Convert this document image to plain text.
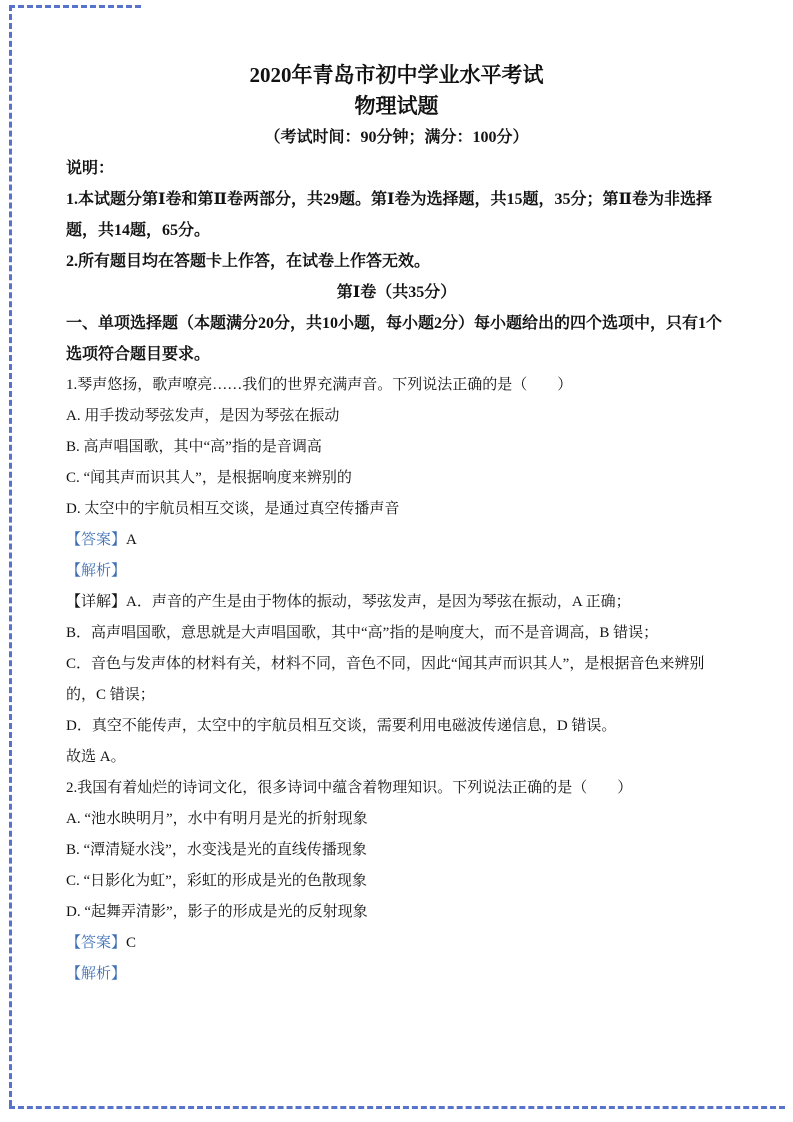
2020年青岛市初中学业水平考试

物理试题

（考试时间：90分钟；满分：100分）

说明：

1.本试题分第Ⅰ卷和第Ⅱ卷两部分，共29题。第Ⅰ卷为选择题，共15题，35分；第Ⅱ卷为非选择题，共14题，65分。

2.所有题目均在答题卡上作答，在试卷上作答无效。

第Ⅰ卷（共35分）

一、单项选择题（本题满分20分，共10小题，每小题2分）每小题给出的四个选项中，只有1个选项符合题目要求。

1.琴声悠扬，歌声嘹亮……我们的世界充满声音。下列说法正确的是（　　）

A. 用手拨动琴弦发声，是因为琴弦在振动

B. 高声唱国歌，其中“高”指的是音调高

C. “闻其声而识其人”，是根据响度来辨别的

D. 太空中的宇航员相互交谈，是通过真空传播声音

【答案】A

【解析】

【详解】A．声音的产生是由于物体的振动，琴弦发声，是因为琴弦在振动，A 正确；

B．高声唱国歌，意思就是大声唱国歌，其中“高”指的是响度大，而不是音调高，B 错误；

C．音色与发声体的材料有关，材料不同，音色不同，因此“闻其声而识其人”，是根据音色来辨别的，C 错误；

D．真空不能传声，太空中的宇航员相互交谈，需要利用电磁波传递信息，D 错误。

故选 A。

2.我国有着灿烂的诗词文化，很多诗词中蕴含着物理知识。下列说法正确的是（　　）

A. “池水映明月”，水中有明月是光的折射现象

B. “潭清疑水浅”，水变浅是光的直线传播现象

C. “日影化为虹”，彩虹的形成是光的色散现象

D. “起舞弄清影”，影子的形成是光的反射现象

【答案】C

【解析】
